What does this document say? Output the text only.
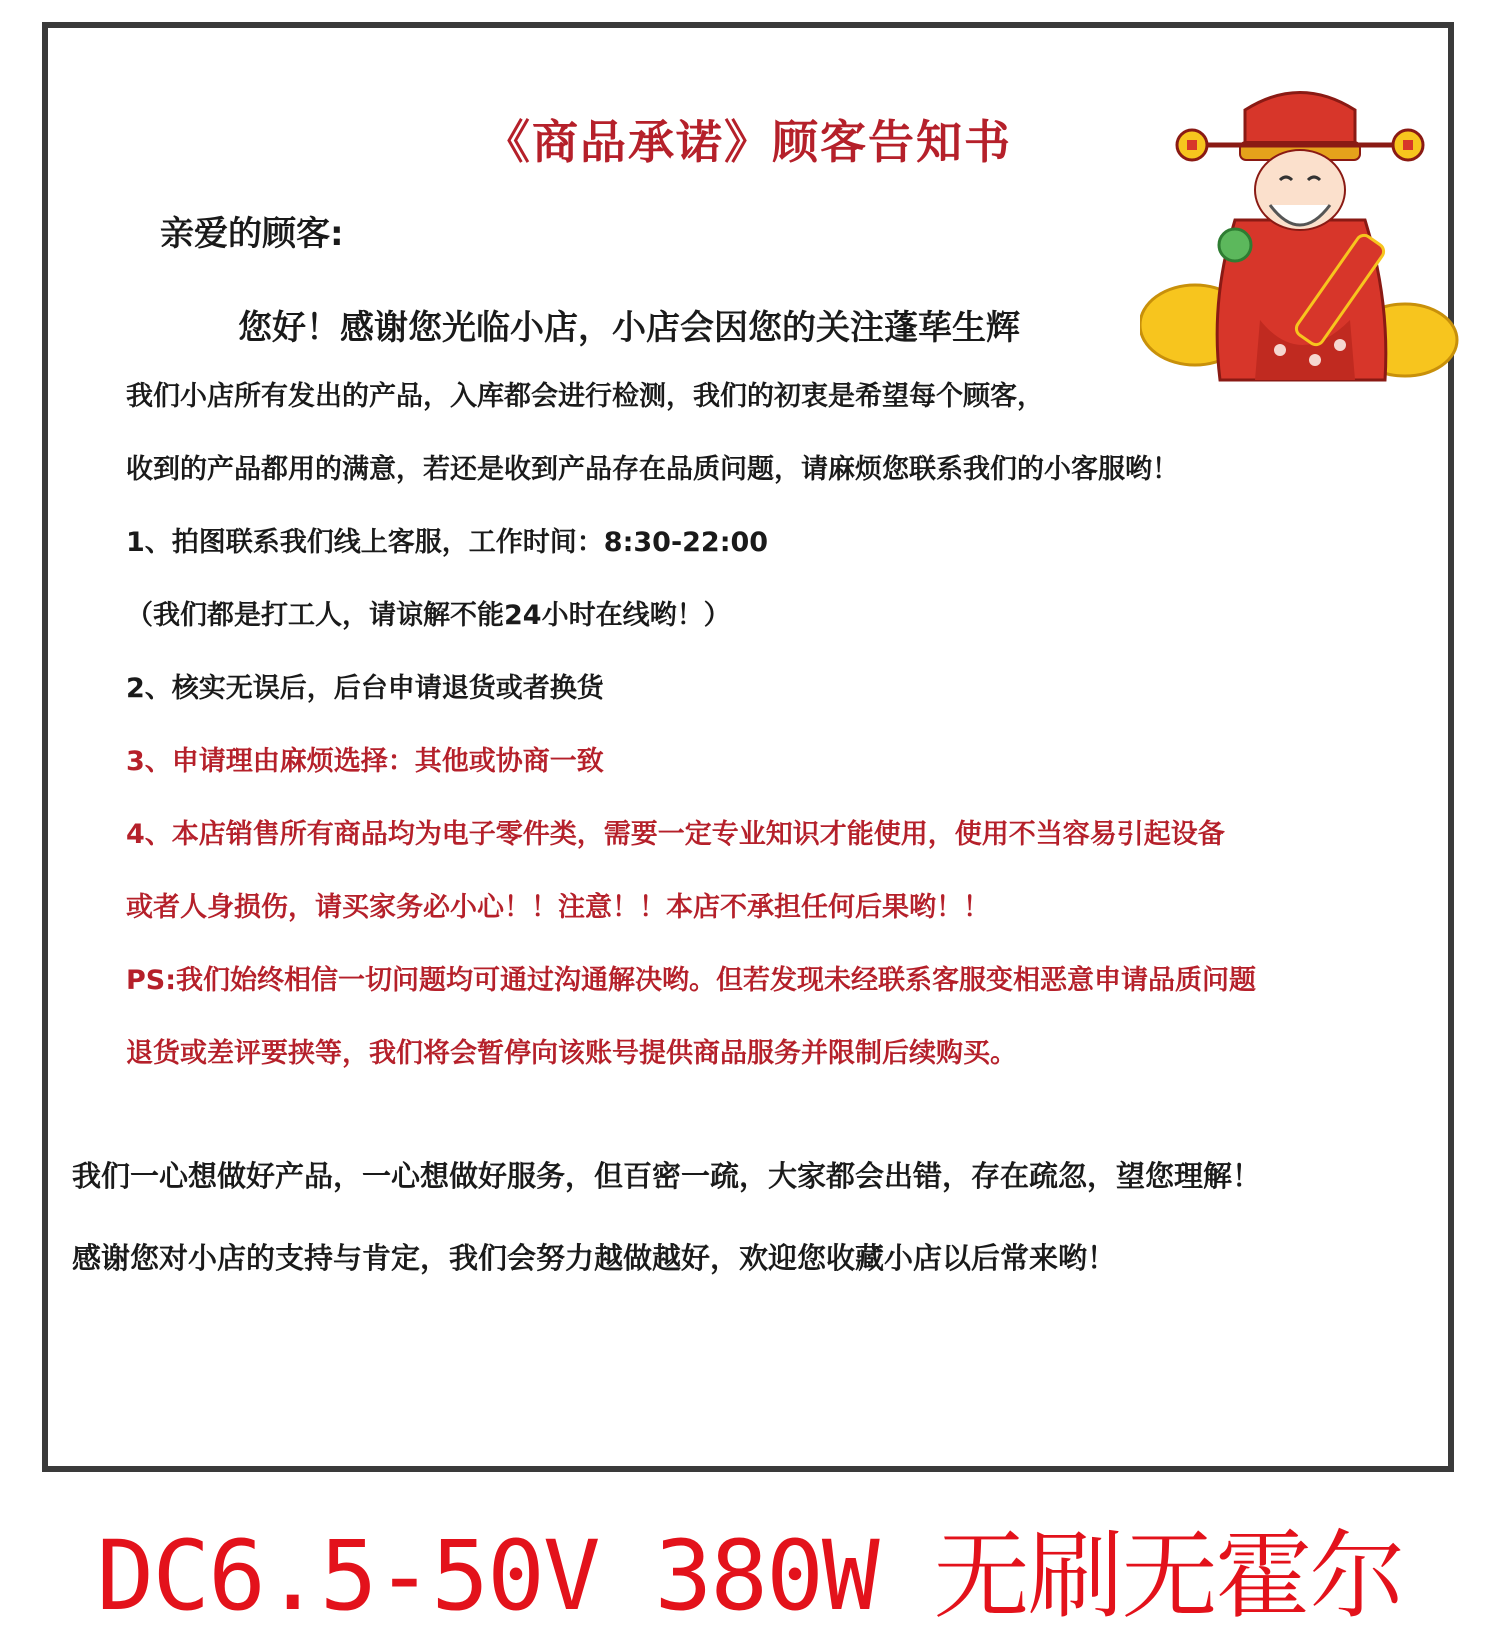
《商品承诺》顾客告知书
亲爱的顾客:
您好！感谢您光临小店，小店会因您的关注蓬荜生辉
我们小店所有发出的产品，入库都会进行检测，我们的初衷是希望每个顾客，
收到的产品都用的满意，若还是收到产品存在品质问题，请麻烦您联系我们的小客服哟！
1、拍图联系我们线上客服，工作时间：8:30-22:00
（我们都是打工人，请谅解不能24小时在线哟！）
2、核实无误后，后台申请退货或者换货
3、申请理由麻烦选择：其他或协商一致
4、本店销售所有商品均为电子零件类，需要一定专业知识才能使用，使用不当容易引起设备
或者人身损伤，请买家务必小心！！注意！！本店不承担任何后果哟！！
PS:我们始终相信一切问题均可通过沟通解决哟。但若发现未经联系客服变相恶意申请品质问题
退货或差评要挟等，我们将会暂停向该账号提供商品服务并限制后续购买。
我们一心想做好产品，一心想做好服务，但百密一疏，大家都会出错，存在疏忽，望您理解！
感谢您对小店的支持与肯定，我们会努力越做越好，欢迎您收藏小店以后常来哟！
DC6.5-50V 380W 无刷无霍尔
